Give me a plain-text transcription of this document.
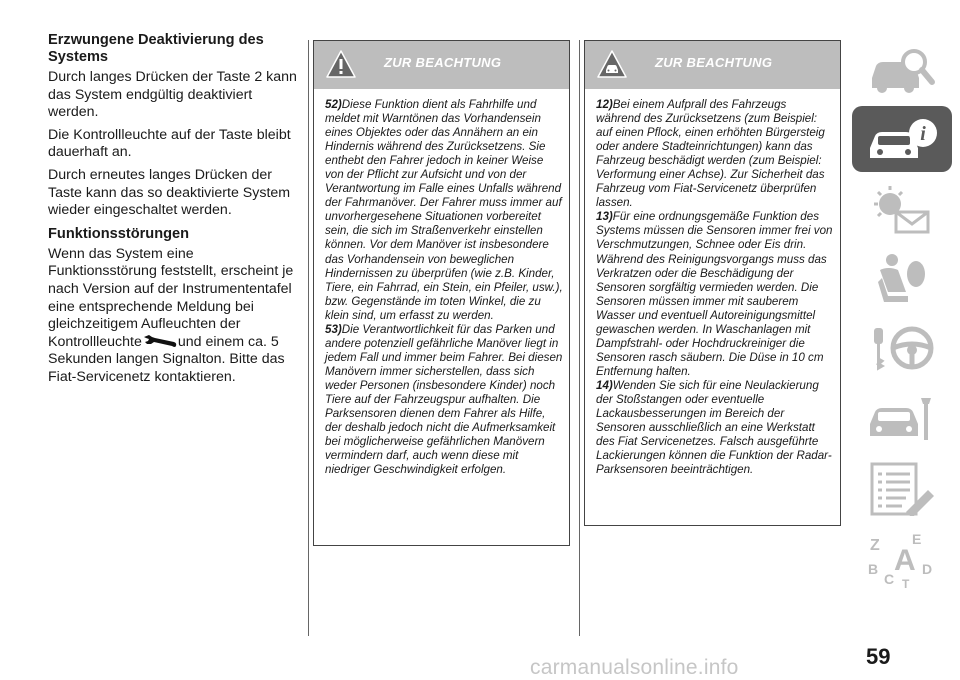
Erzwungene Deaktivierung des Systems

Durch langes Drücken der Taste 2 kann das System endgültig deaktiviert werden.

Die Kontrollleuchte auf der Taste bleibt dauerhaft an.

Durch erneutes langes Drücken der Taste kann das so deaktivierte System wieder eingeschaltet werden.

Funktionsstörungen

Wenn das System eine Funktionsstörung feststellt, erscheint je nach Version auf der Instrumententafel eine entsprechende Meldung bei gleichzeitigem Aufleuchten der Kontrollleuchte	und einem ca. 5 Sekunden langen Signalton. Bitte das Fiat-Servicenetz kontaktieren.

ZUR BEACHTUNG

52)Diese Funktion dient als Fahrhilfe und meldet mit Warntönen das Vorhandensein eines Objektes oder das Annähern an ein Hindernis während des Zurücksetzens. Sie enthebt den Fahrer jedoch in keiner Weise von der Pflicht zur Aufsicht und von der Verantwortung im Falle eines Unfalls während der Fahrmanöver. Der Fahrer muss immer auf unvorhergesehene Situationen vorbereitet sein, die sich im Straßenverkehr einstellen können. Vor dem Manöver ist insbesondere das Vorhandensein von beweglichen Hindernissen zu überprüfen (wie z.B. Kinder, Tiere, ein Fahrrad, ein Stein, ein Pfeiler, usw.), bzw. Gegenstände im toten Winkel, die zu klein sind, um erfasst zu werden.

53)Die Verantwortlichkeit für das Parken und andere potenziell gefährliche Manöver liegt in jedem Fall und immer beim Fahrer. Bei diesen Manövern immer sicherstellen, dass sich weder Personen (insbesondere Kinder) noch Tiere auf der Fahrzeugspur aufhalten. Die Parksensoren dienen dem Fahrer als Hilfe, der deshalb jedoch nicht die Aufmerksamkeit bei möglicherweise gefährlichen Manövern vermindern darf, auch wenn diese mit niedriger Geschwindigkeit erfolgen.

ZUR BEACHTUNG

12)Bei einem Aufprall des Fahrzeugs während des Zurücksetzens (zum Beispiel: auf einen Pflock, einen erhöhten Bürgersteig oder andere Stadteinrichtungen) kann das Fahrzeug beschädigt werden (zum Beispiel: Verformung einer Achse). Zur Sicherheit das Fahrzeug vom Fiat-Servicenetz überprüfen lassen.

13)Für eine ordnungsgemäße Funktion des Systems müssen die Sensoren immer frei von Verschmutzungen, Schnee oder Eis drin. Während des Reinigungsvorgangs muss das Verkratzen oder die Beschädigung der Sensoren sorgfältig vermieden werden. Die Sensoren müssen immer mit sauberem Wasser und eventuell Autoreinigungsmittel gewaschen werden. In Waschanlagen mit Dampfstrahl- oder Hochdruckreiniger die Sensoren rasch säubern. Die Düse in 10 cm Entfernung halten.

14)Wenden Sie sich für eine Neulackierung der Stoßstangen oder eventuelle Lackausbesserungen im Bereich der Sensoren ausschließlich an eine Werkstatt des Fiat Servicenetzes. Falsch ausgeführte Lackierungen können die Funktion der Radar-Parksensoren beeinträchtigen.

i
Z E
A
B
C
D
T
59
carmanualsonline.info
